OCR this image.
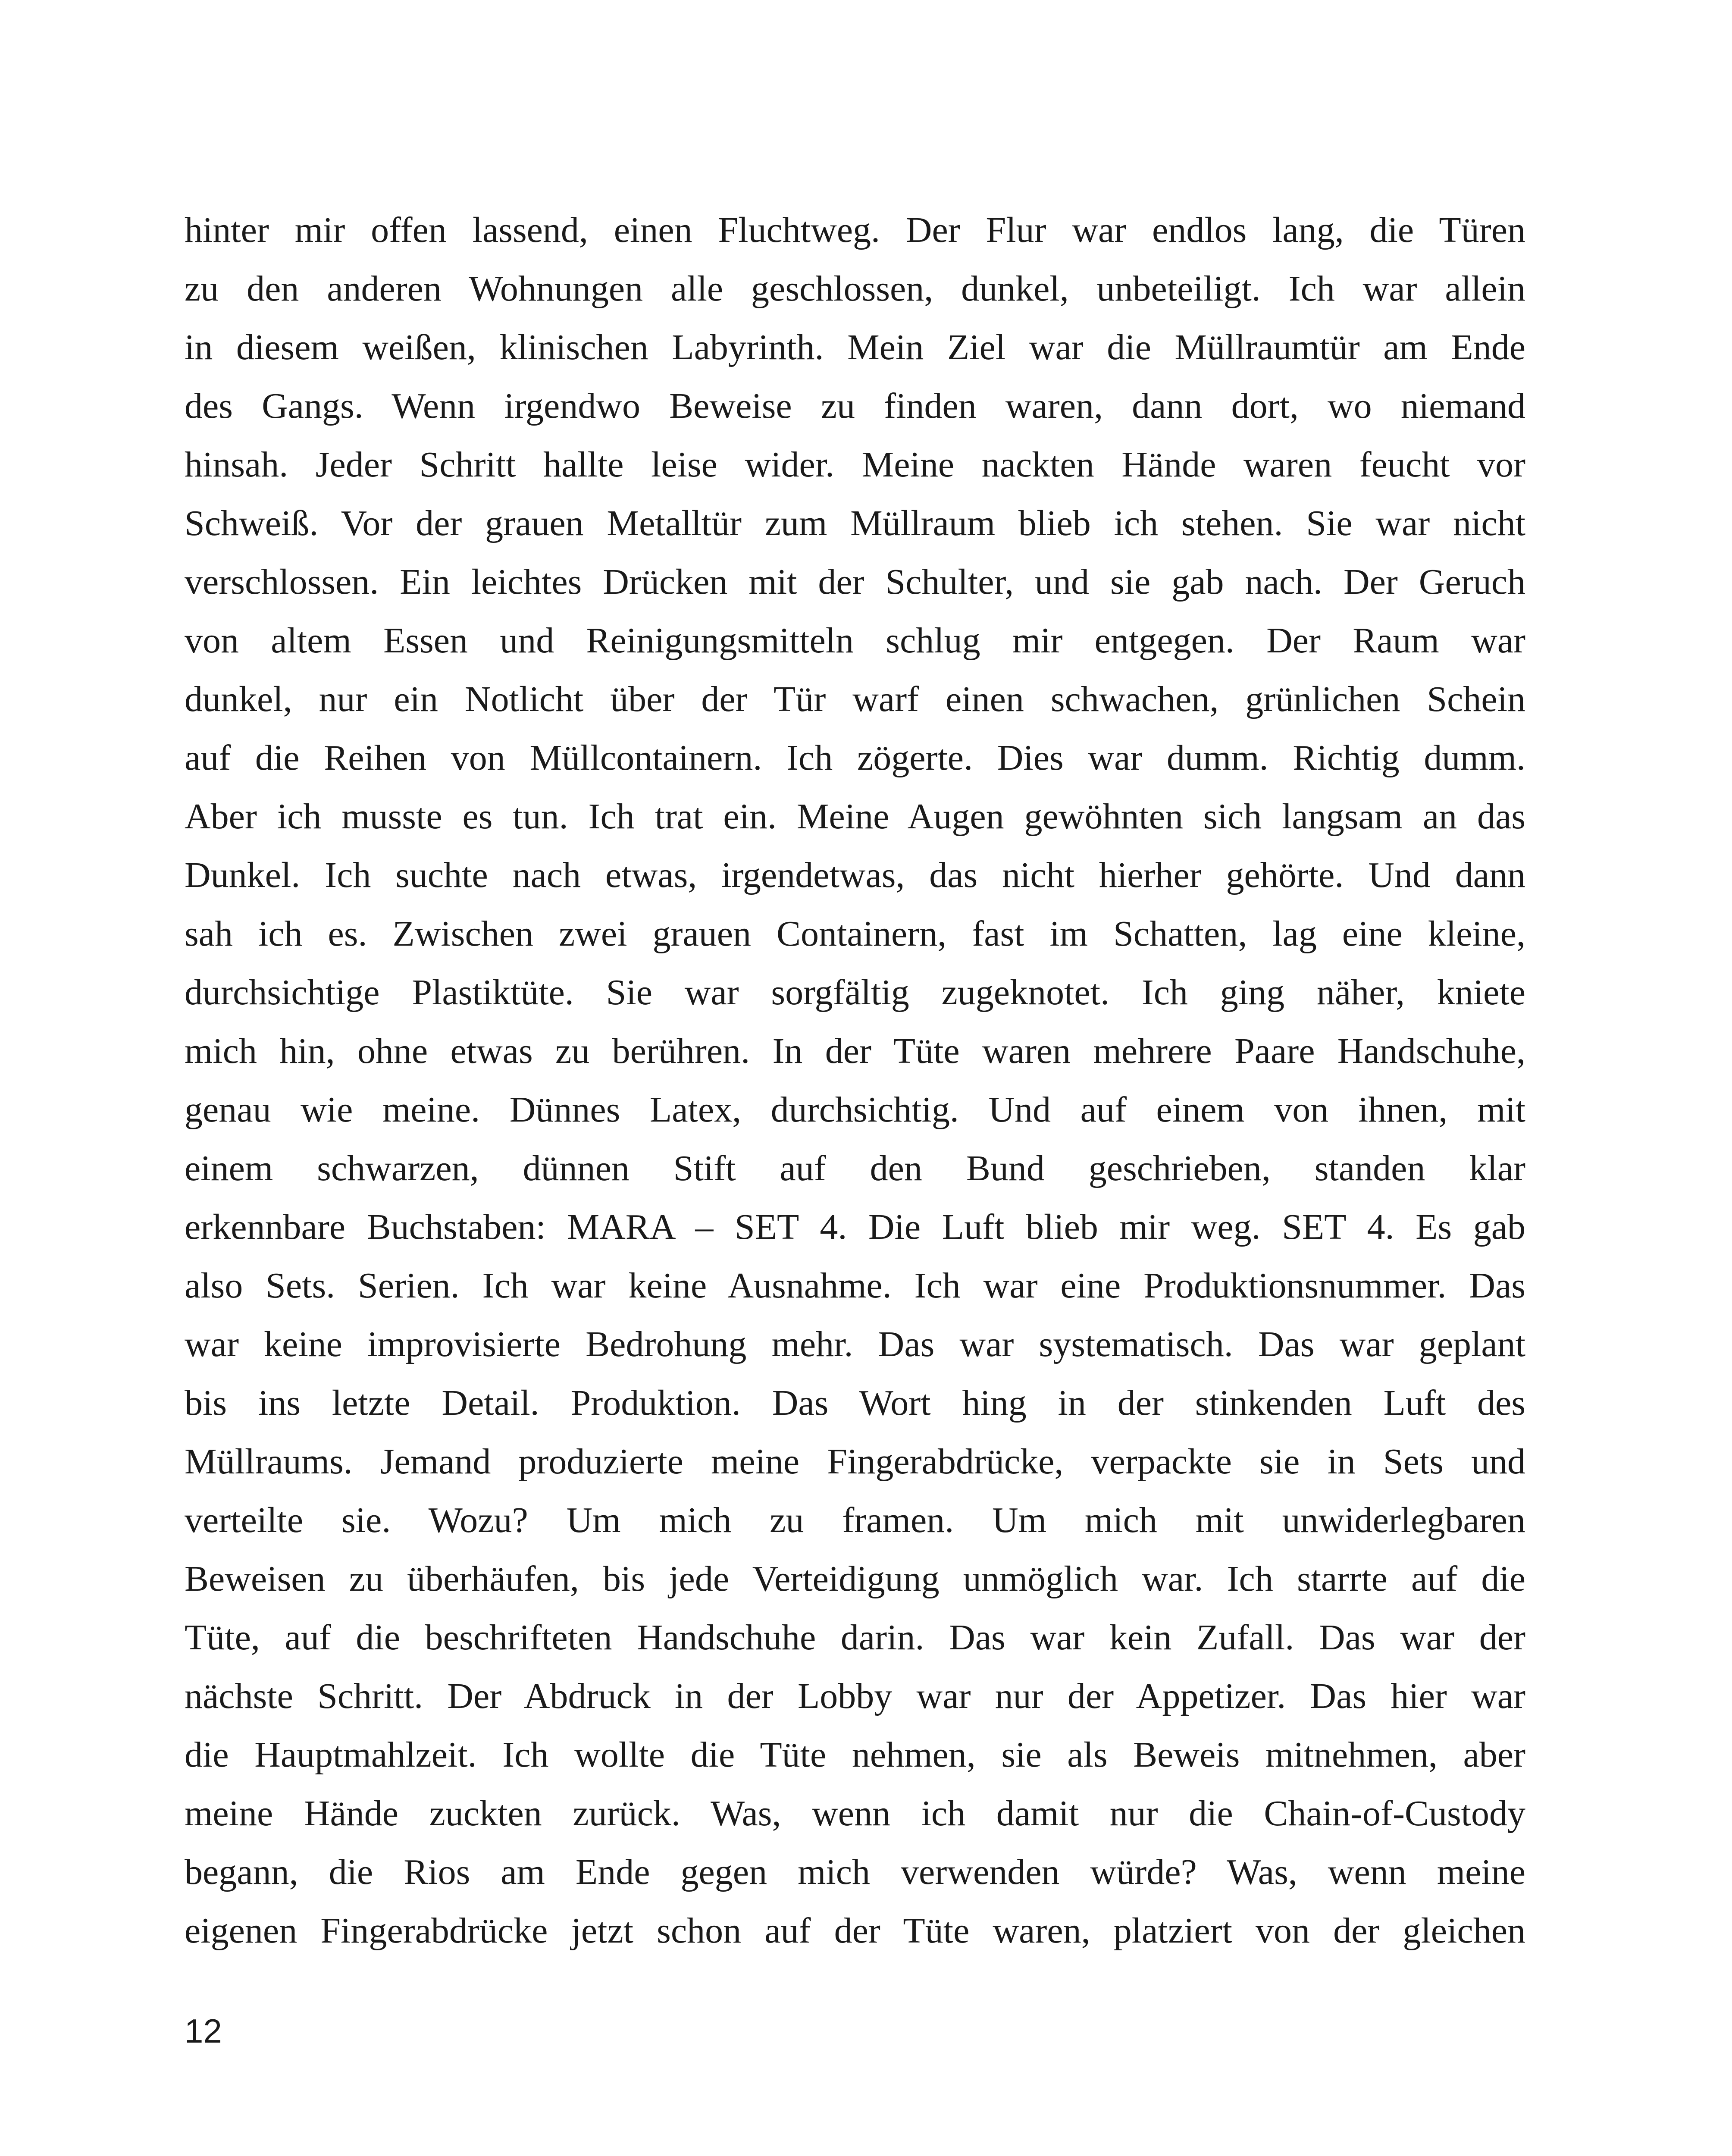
hinter mir offen lassend, einen Fluchtweg. Der Flur war endlos lang, die Türen
zu den anderen Wohnungen alle geschlossen, dunkel, unbeteiligt. Ich war allein
in diesem weißen, klinischen Labyrinth. Mein Ziel war die Müllraumtür am Ende
des Gangs. Wenn irgendwo Beweise zu finden waren, dann dort, wo niemand
hinsah. Jeder Schritt hallte leise wider. Meine nackten Hände waren feucht vor
Schweiß. Vor der grauen Metalltür zum Müllraum blieb ich stehen. Sie war nicht
verschlossen. Ein leichtes Drücken mit der Schulter, und sie gab nach. Der Geruch
von altem Essen und Reinigungsmitteln schlug mir entgegen. Der Raum war
dunkel, nur ein Notlicht über der Tür warf einen schwachen, grünlichen Schein
auf die Reihen von Müllcontainern. Ich zögerte. Dies war dumm. Richtig dumm.
Aber ich musste es tun. Ich trat ein. Meine Augen gewöhnten sich langsam an das
Dunkel. Ich suchte nach etwas, irgendetwas, das nicht hierher gehörte. Und dann
sah ich es. Zwischen zwei grauen Containern, fast im Schatten, lag eine kleine,
durchsichtige Plastiktüte. Sie war sorgfältig zugeknotet. Ich ging näher, kniete
mich hin, ohne etwas zu berühren. In der Tüte waren mehrere Paare Handschuhe,
genau wie meine. Dünnes Latex, durchsichtig. Und auf einem von ihnen, mit
einem schwarzen, dünnen Stift auf den Bund geschrieben, standen klar
erkennbare Buchstaben: MARA – SET 4. Die Luft blieb mir weg. SET 4. Es gab
also Sets. Serien. Ich war keine Ausnahme. Ich war eine Produktionsnummer. Das
war keine improvisierte Bedrohung mehr. Das war systematisch. Das war geplant
bis ins letzte Detail. Produktion. Das Wort hing in der stinkenden Luft des
Müllraums. Jemand produzierte meine Fingerabdrücke, verpackte sie in Sets und
verteilte sie. Wozu? Um mich zu framen. Um mich mit unwiderlegbaren
Beweisen zu überhäufen, bis jede Verteidigung unmöglich war. Ich starrte auf die
Tüte, auf die beschrifteten Handschuhe darin. Das war kein Zufall. Das war der
nächste Schritt. Der Abdruck in der Lobby war nur der Appetizer. Das hier war
die Hauptmahlzeit. Ich wollte die Tüte nehmen, sie als Beweis mitnehmen, aber
meine Hände zuckten zurück. Was, wenn ich damit nur die Chain-of-Custody
begann, die Rios am Ende gegen mich verwenden würde? Was, wenn meine
eigenen Fingerabdrücke jetzt schon auf der Tüte waren, platziert von der gleichen
12
